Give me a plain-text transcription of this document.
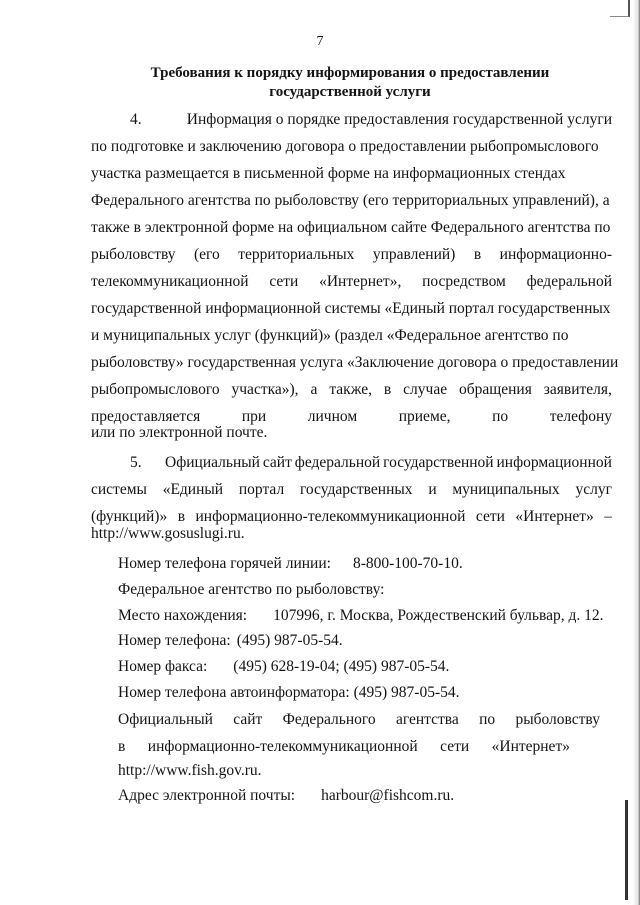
7
Требования к порядку информирования о предоставлении
государственной услуги
4.	Информация о порядке предоставления государственной услуги
по подготовке и заключению договора о предоставлении рыбопромыслового
участка размещается в письменной форме на информационных стендах
Федерального агентства по рыболовству (его территориальных управлений), а
также в электронной форме на официальном сайте Федерального агентства по
рыболовству (его территориальных управлений) в информационно-
телекоммуникационной сети «Интернет», посредством федеральной
государственной информационной системы «Единый портал государственных
и муниципальных услуг (функций)» (раздел «Федеральное агентство по
рыболовству» государственная услуга «Заключение договора о предоставлении
рыбопромыслового участка»), а также, в случае обращения заявителя,
предоставляется	при	личном	приеме,	по	телефону
или по электронной почте.
5. Официальный сайт федеральной государственной информационной
системы «Единый портал государственных и муниципальных услуг
(функций)» в информационно-телекоммуникационной сети «Интернет» –
http://www.gosuslugi.ru.
Номер телефона горячей линии: 8-800-100-70-10.
Федеральное агентство по рыболовству:
Место нахождения: 107996, г. Москва, Рождественский бульвар, д. 12.
Номер телефона: (495) 987-05-54.
Номер факса: (495) 628-19-04; (495) 987-05-54.
Номер телефона автоинформатора: (495) 987-05-54.
Официальный сайт Федерального агентства по рыболовству
в информационно-телекоммуникационной сети «Интернет»
http://www.fish.gov.ru.
Адрес электронной почты: harbour@fishcom.ru.
